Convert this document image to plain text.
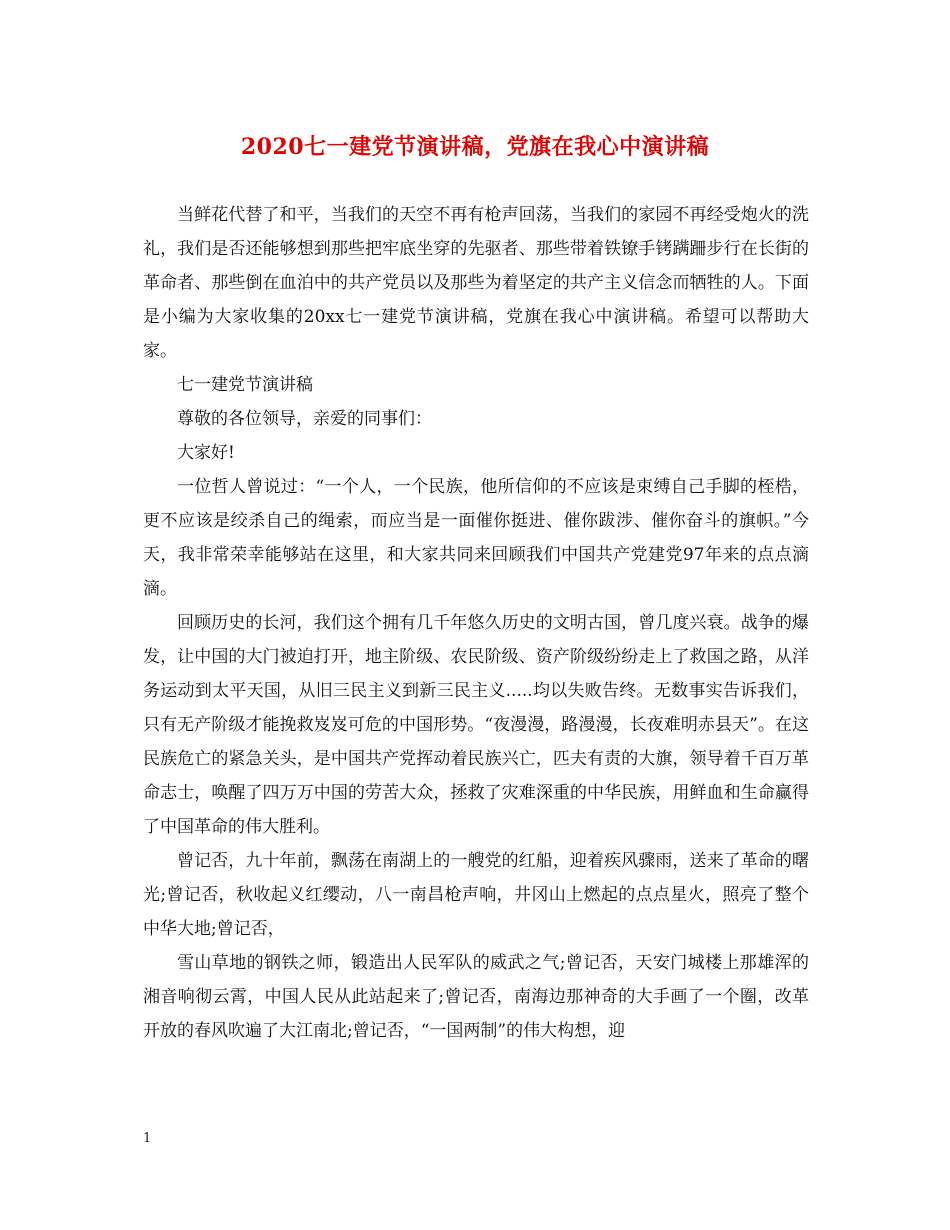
2020七一建党节演讲稿，党旗在我心中演讲稿

当鲜花代替了和平，当我们的天空不再有枪声回荡，当我们的家园不再经受炮火的洗礼，我们是否还能够想到那些把牢底坐穿的先驱者、那些带着铁镣手铐蹒跚步行在长街的革命者、那些倒在血泊中的共产党员以及那些为着坚定的共产主义信念而牺牲的人。下面是小编为大家收集的20xx七一建党节演讲稿，党旗在我心中演讲稿。希望可以帮助大家。

七一建党节演讲稿

尊敬的各位领导，亲爱的同事们：

大家好!

一位哲人曾说过：“一个人，一个民族，他所信仰的不应该是束缚自己手脚的桎梏，更不应该是绞杀自己的绳索，而应当是一面催你挺进、催你跋涉、催你奋斗的旗帜。”今天，我非常荣幸能够站在这里，和大家共同来回顾我们中国共产党建党97年来的点点滴滴。

回顾历史的长河，我们这个拥有几千年悠久历史的文明古国，曾几度兴衰。战争的爆发，让中国的大门被迫打开，地主阶级、农民阶级、资产阶级纷纷走上了救国之路，从洋务运动到太平天国，从旧三民主义到新三民主义.....均以失败告终。无数事实告诉我们，只有无产阶级才能挽救岌岌可危的中国形势。“夜漫漫，路漫漫，长夜难明赤县天”。在这民族危亡的紧急关头，是中国共产党挥动着民族兴亡，匹夫有责的大旗，领导着千百万革命志士，唤醒了四万万中国的劳苦大众，拯救了灾难深重的中华民族，用鲜血和生命赢得了中国革命的伟大胜利。

曾记否，九十年前，飘荡在南湖上的一艘党的红船，迎着疾风骤雨，送来了革命的曙光;曾记否，秋收起义红缨动，八一南昌枪声响，井冈山上燃起的点点星火，照亮了整个中华大地;曾记否，

雪山草地的钢铁之师，锻造出人民军队的威武之气;曾记否，天安门城楼上那雄浑的湘音响彻云霄，中国人民从此站起来了;曾记否，南海边那神奇的大手画了一个圈，改革开放的春风吹遍了大江南北;曾记否，“一国两制”的伟大构想，迎

1
